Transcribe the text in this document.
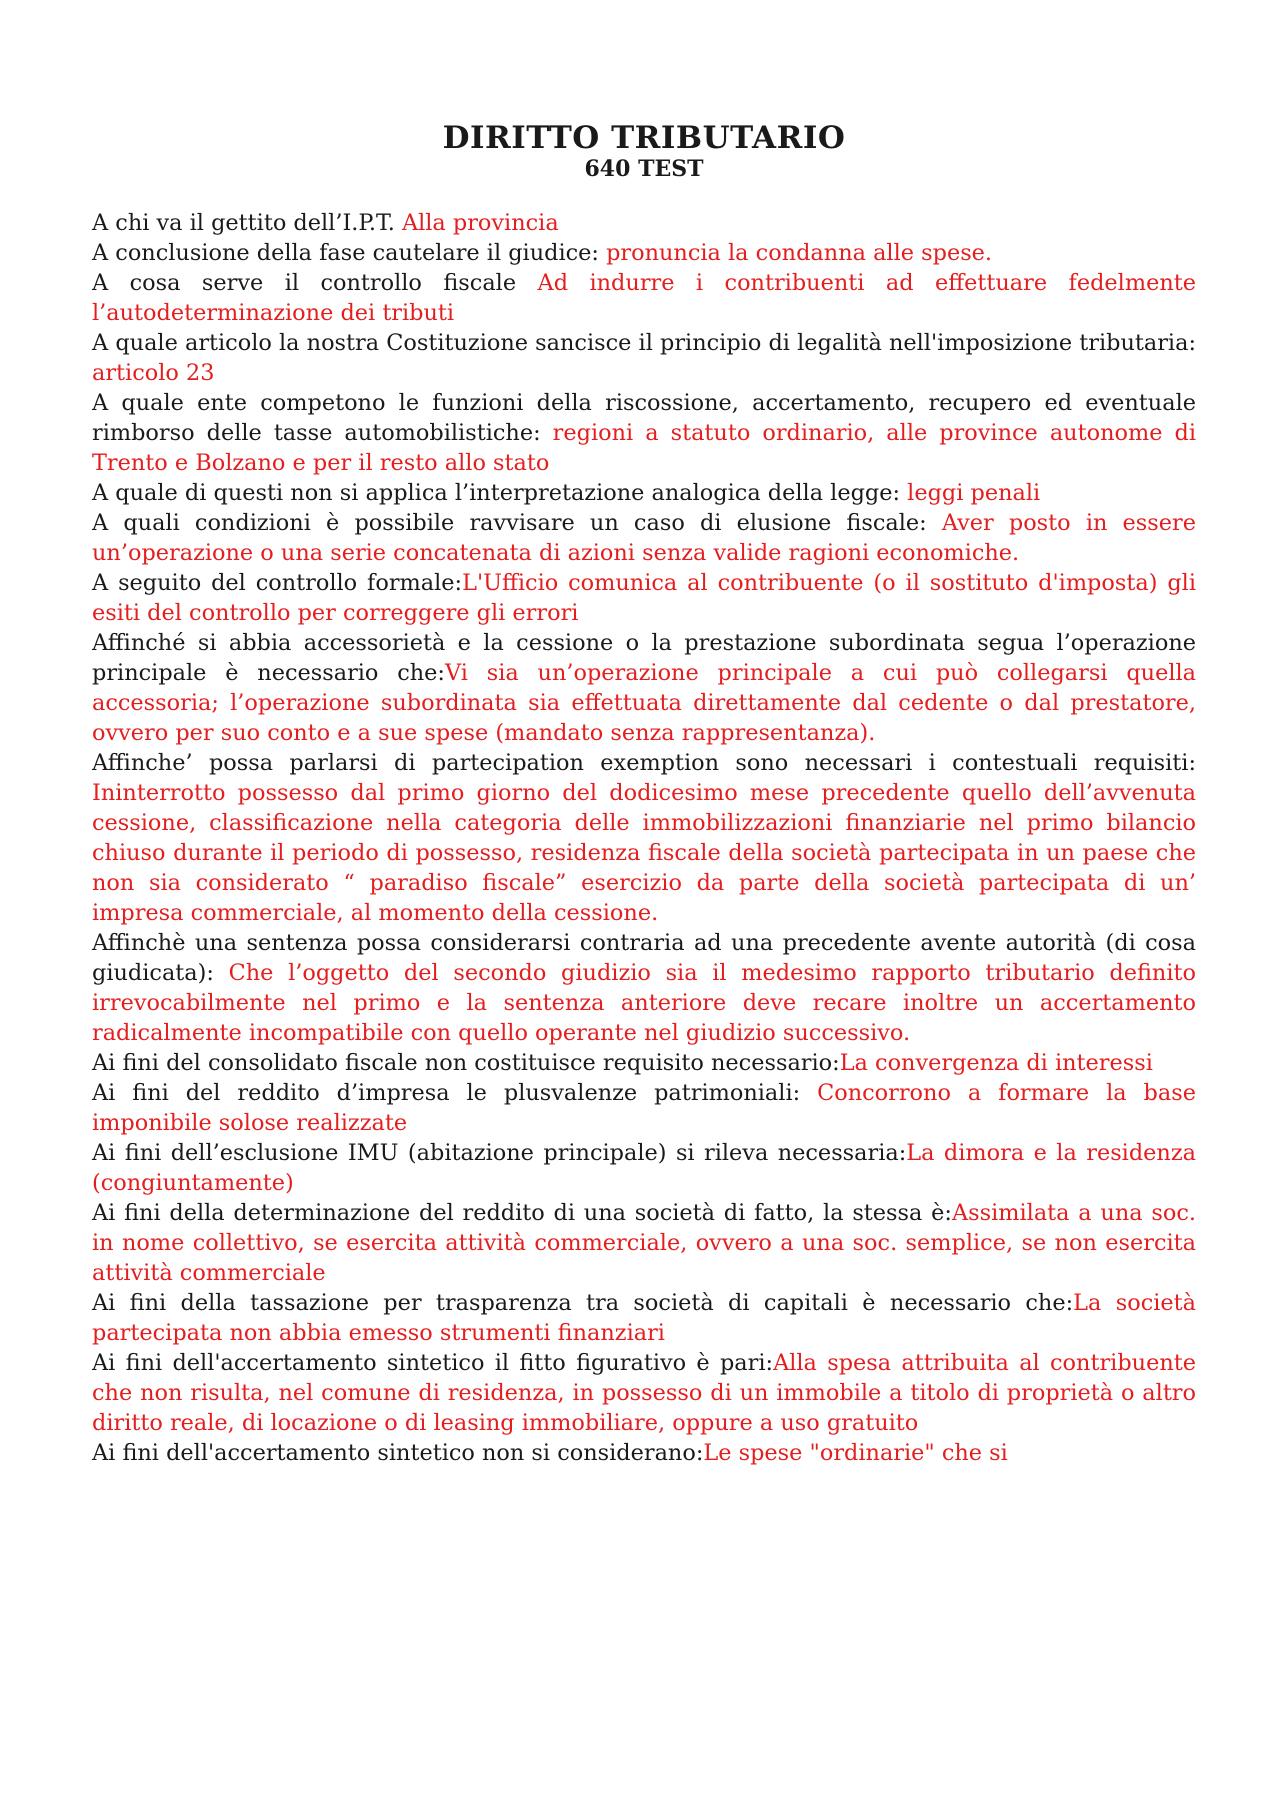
DIRITTO TRIBUTARIO
640 TEST

A chi va il gettito dell’I.P.T. Alla provincia

A conclusione della fase cautelare il giudice: pronuncia la condanna alle spese.

A cosa serve il controllo fiscale Ad indurre i contribuenti ad effettuare fedelmente l’autodeterminazione dei tributi

A quale articolo la nostra Costituzione sancisce il principio di legalità nell'imposizione tributaria: articolo 23

A quale ente competono le funzioni della riscossione, accertamento, recupero ed eventuale rimborso delle tasse automobilistiche: regioni a statuto ordinario, alle province autonome di Trento e Bolzano e per il resto allo stato

A quale di questi non si applica l’interpretazione analogica della legge: leggi penali

A quali condizioni è possibile ravvisare un caso di elusione fiscale: Aver posto in essere un’operazione o una serie concatenata di azioni senza valide ragioni economiche.

A seguito del controllo formale:L'Ufficio comunica al contribuente (o il sostituto d'imposta) gli esiti del controllo per correggere gli errori

Affinché si abbia accessorietà e la cessione o la prestazione subordinata segua l’operazione principale è necessario che:Vi sia un’operazione principale a cui può collegarsi quella accessoria; l’operazione subordinata sia effettuata direttamente dal cedente o dal prestatore, ovvero per suo conto e a sue spese (mandato senza rappresentanza).

Affinche’ possa parlarsi di partecipation exemption sono necessari i contestuali requisiti: Ininterrotto possesso dal primo giorno del dodicesimo mese precedente quello dell’avvenuta cessione, classificazione nella categoria delle immobilizzazioni finanziarie nel primo bilancio chiuso durante il periodo di possesso, residenza fiscale della società partecipata in un paese che non sia considerato “ paradiso fiscale” esercizio da parte della società partecipata di un’ impresa commerciale, al momento della cessione.

Affinchè una sentenza possa considerarsi contraria ad una precedente avente autorità (di cosa giudicata): Che l’oggetto del secondo giudizio sia il medesimo rapporto tributario definito irrevocabilmente nel primo e la sentenza anteriore deve recare inoltre un accertamento radicalmente incompatibile con quello operante nel giudizio successivo.

Ai fini del consolidato fiscale non costituisce requisito necessario:La convergenza di interessi

Ai fini del reddito d’impresa le plusvalenze patrimoniali: Concorrono a formare la base imponibile solose realizzate

Ai fini dell’esclusione IMU (abitazione principale) si rileva necessaria:La dimora e la residenza (congiuntamente)

Ai fini della determinazione del reddito di una società di fatto, la stessa è:Assimilata a una soc. in nome collettivo, se esercita attività commerciale, ovvero a una soc. semplice, se non esercita attività commerciale

Ai fini della tassazione per trasparenza tra società di capitali è necessario che:La società partecipata non abbia emesso strumenti finanziari

Ai fini dell'accertamento sintetico il fitto figurativo è pari:Alla spesa attribuita al contribuente che non risulta, nel comune di residenza, in possesso di un immobile a titolo di proprietà o altro diritto reale, di locazione o di leasing immobiliare, oppure a uso gratuito

Ai fini dell'accertamento sintetico non si considerano:Le spese "ordinarie" che si
